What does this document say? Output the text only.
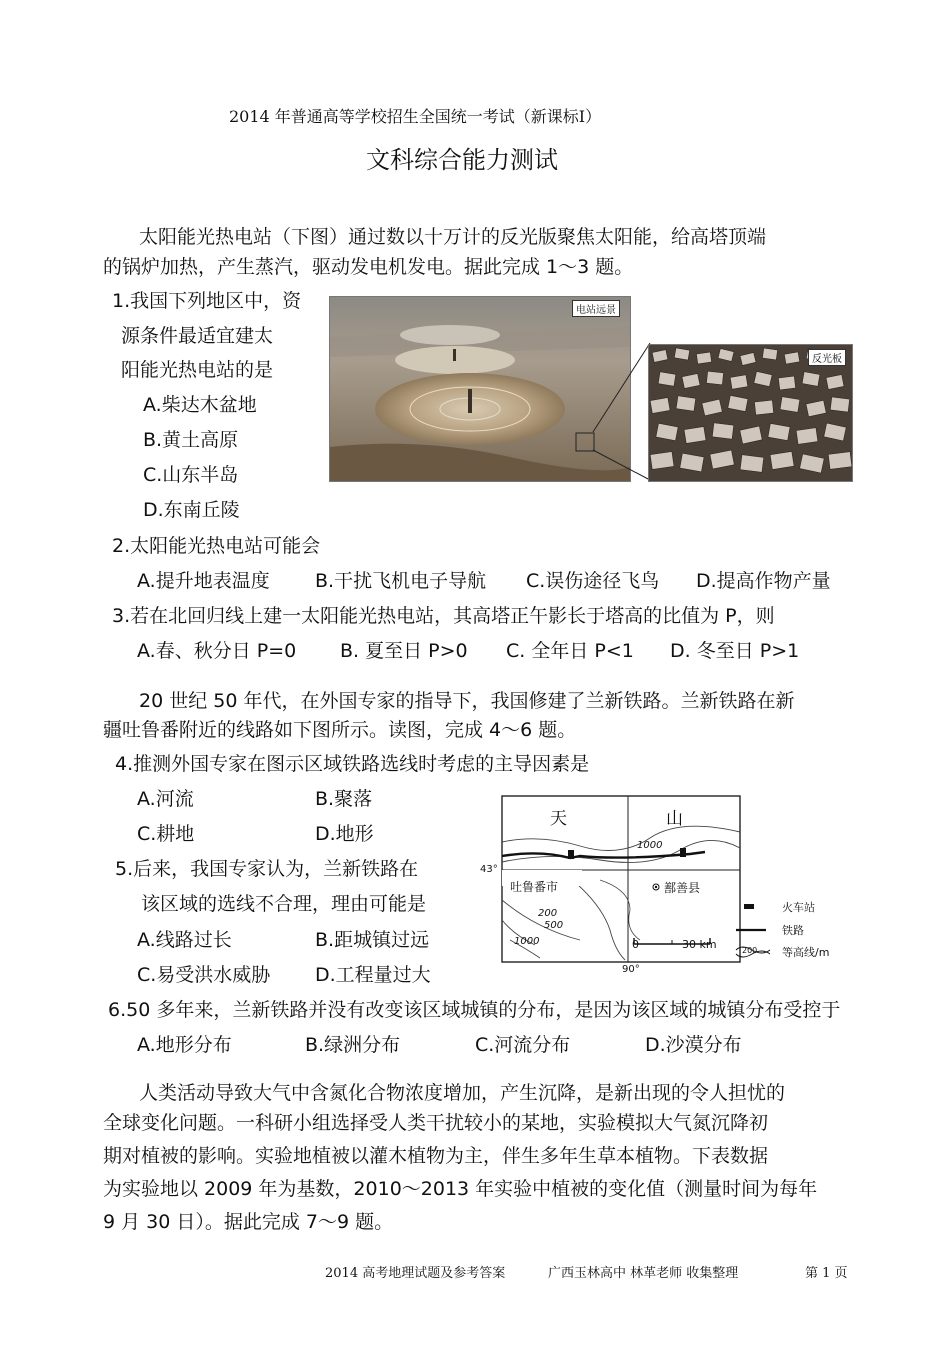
2014 年普通高等学校招生全国统一考试（新课标Ⅰ）
文科综合能力测试
太阳能光热电站（下图）通过数以十万计的反光版聚焦太阳能，给高塔顶端
的锅炉加热，产生蒸汽，驱动发电机发电。据此完成 1～3 题。
1.我国下列地区中，资
源条件最适宜建太
阳能光热电站的是
A.柴达木盆地
B.黄土高原
C.山东半岛
D.东南丘陵
电站远景
反光板
2.太阳能光热电站可能会
A.提升地表温度 B.干扰飞机电子导航 C.误伤途径飞鸟 D.提高作物产量
3.若在北回归线上建一太阳能光热电站，其高塔正午影长于塔高的比值为 P，则
A.春、秋分日 P=0 B. 夏至日 P>0 C. 全年日 P<1 D. 冬至日 P>1
20 世纪 50 年代，在外国专家的指导下，我国修建了兰新铁路。兰新铁路在新
疆吐鲁番附近的线路如下图所示。读图，完成 4～6 题。
4.推测外国专家在图示区域铁路选线时考虑的主导因素是
A.河流	B.聚落
C.耕地	D.地形
5.后来，我国专家认为，兰新铁路在
该区域的选线不合理，理由可能是
A.线路过长	B.距城镇过远
C.易受洪水威胁 D.工程量过大
天	山
1000
43°
吐鲁番市	鄯善县
200
500
1000	0	30 km
90°
火车站
铁路
200 等高线/m
6.50 多年来，兰新铁路并没有改变该区域城镇的分布，是因为该区域的城镇分布受控于
A.地形分布	B.绿洲分布	C.河流分布	D.沙漠分布
人类活动导致大气中含氮化合物浓度增加，产生沉降，是新出现的令人担忧的
全球变化问题。一科研小组选择受人类干扰较小的某地，实验模拟大气氮沉降初
期对植被的影响。实验地植被以灌木植物为主，伴生多年生草本植物。下表数据
为实验地以 2009 年为基数，2010～2013 年实验中植被的变化值（测量时间为每年
9 月 30 日）。据此完成 7～9 题。
2014 高考地理试题及参考答案	广西玉林高中 林革老师 收集整理	第 1 页
